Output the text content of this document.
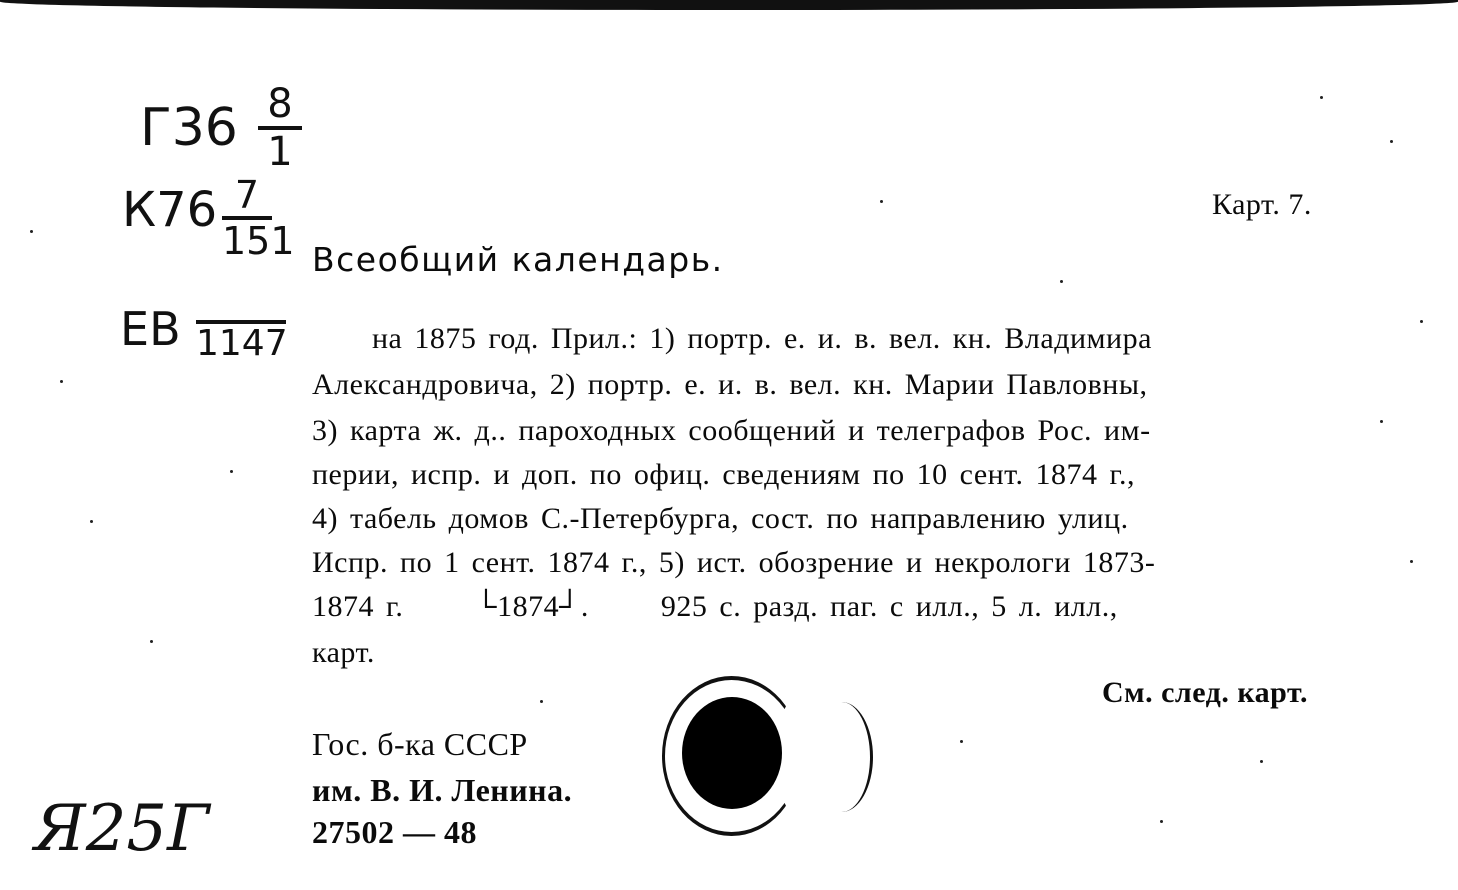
Г36 8
1
К76 7
151
ЕВ 1147
Карт. 7.
Всеобщий календарь.
на 1875 год. Прил.: 1) портр. е. и. в. вел. кн. Владимира
Александровича, 2) портр. е. и. в. вел. кн. Марии Павловны,
3) карта ж. д.. пароходных сообщений и телеграфов Рос. им-
перии, испр. и доп. по офиц. сведениям по 10 сент. 1874 г.,
4) табель домов С.-Петербурга, сост. по направлению улиц.
Испр. по 1 сент. 1874 г., 5) ист. обозрение и некрологи 1873-
1874 г.      └1874┘.      925 с. разд. паг. с илл., 5 л. илл.,
карт.
См. след. карт.
Гос. б-ка СССР
им. В. И. Ленина.
27502 — 48
Я25Г
